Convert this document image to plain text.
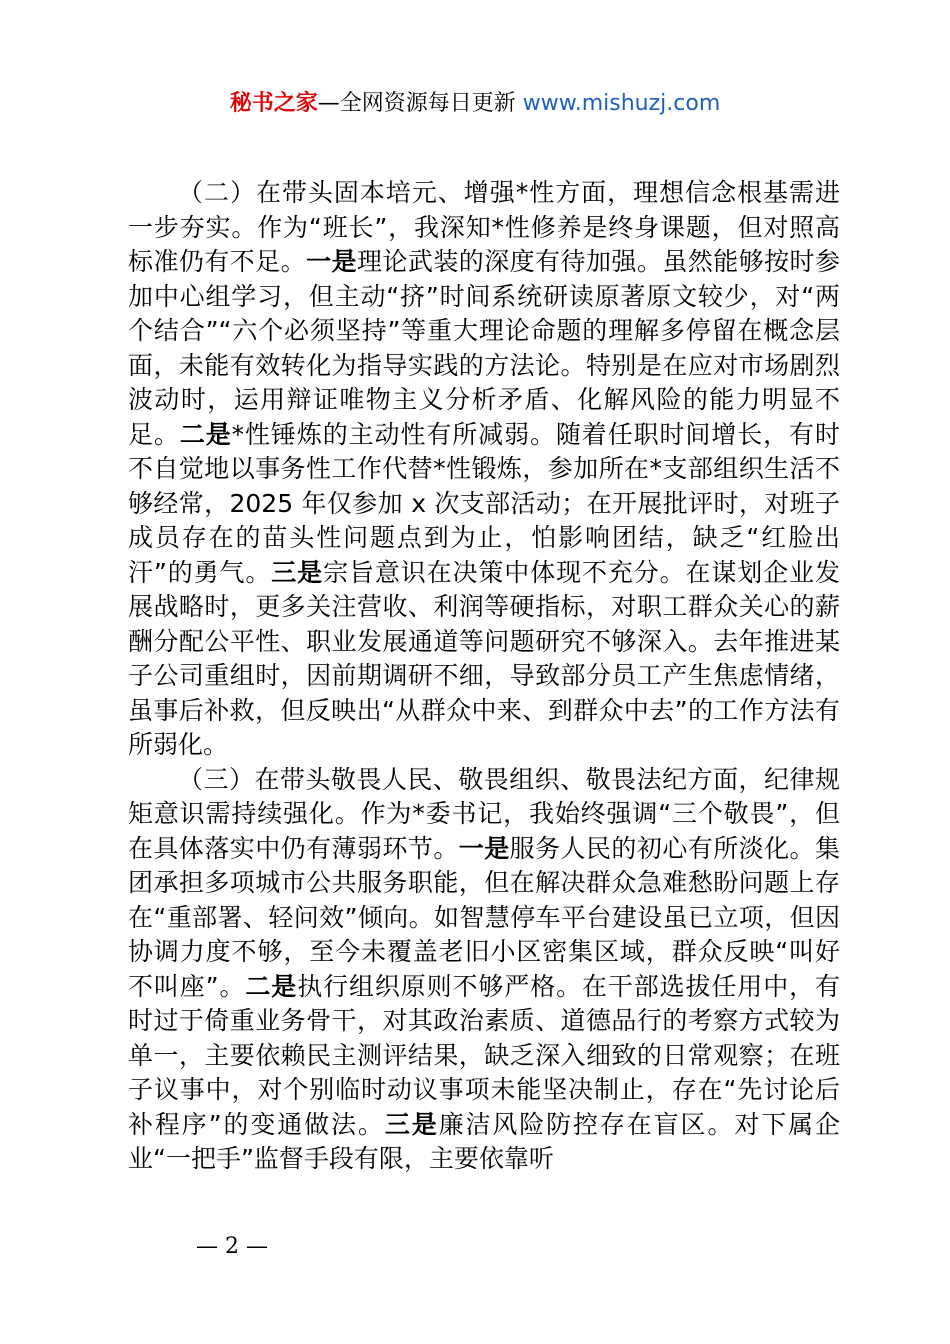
秘书之家—全网资源每日更新 www.mishuzj.com

（二）在带头固本培元、增强*性方面，理想信念根基需进一步夯实。作为“班长”，我深知*性修养是终身课题，但对照高标准仍有不足。一是理论武装的深度有待加强。虽然能够按时参加中心组学习，但主动“挤”时间系统研读原著原文较少，对“两个结合”“六个必须坚持”等重大理论命题的理解多停留在概念层面，未能有效转化为指导实践的方法论。特别是在应对市场剧烈波动时，运用辩证唯物主义分析矛盾、化解风险的能力明显不足。二是*性锤炼的主动性有所减弱。随着任职时间增长，有时不自觉地以事务性工作代替*性锻炼，参加所在*支部组织生活不够经常，2025 年仅参加 x 次支部活动；在开展批评时，对班子成员存在的苗头性问题点到为止，怕影响团结，缺乏“红脸出汗”的勇气。三是宗旨意识在决策中体现不充分。在谋划企业发展战略时，更多关注营收、利润等硬指标，对职工群众关心的薪酬分配公平性、职业发展通道等问题研究不够深入。去年推进某子公司重组时，因前期调研不细，导致部分员工产生焦虑情绪，虽事后补救，但反映出“从群众中来、到群众中去”的工作方法有所弱化。

（三）在带头敬畏人民、敬畏组织、敬畏法纪方面，纪律规矩意识需持续强化。作为*委书记，我始终强调“三个敬畏”，但在具体落实中仍有薄弱环节。一是服务人民的初心有所淡化。集团承担多项城市公共服务职能，但在解决群众急难愁盼问题上存在“重部署、轻问效”倾向。如智慧停车平台建设虽已立项，但因协调力度不够，至今未覆盖老旧小区密集区域，群众反映“叫好不叫座”。二是执行组织原则不够严格。在干部选拔任用中，有时过于倚重业务骨干，对其政治素质、道德品行的考察方式较为单一，主要依赖民主测评结果，缺乏深入细致的日常观察；在班子议事中，对个别临时动议事项未能坚决制止，存在“先讨论后补程序”的变通做法。三是廉洁风险防控存在盲区。对下属企业“一把手”监督手段有限，主要依靠听

— 2 —
